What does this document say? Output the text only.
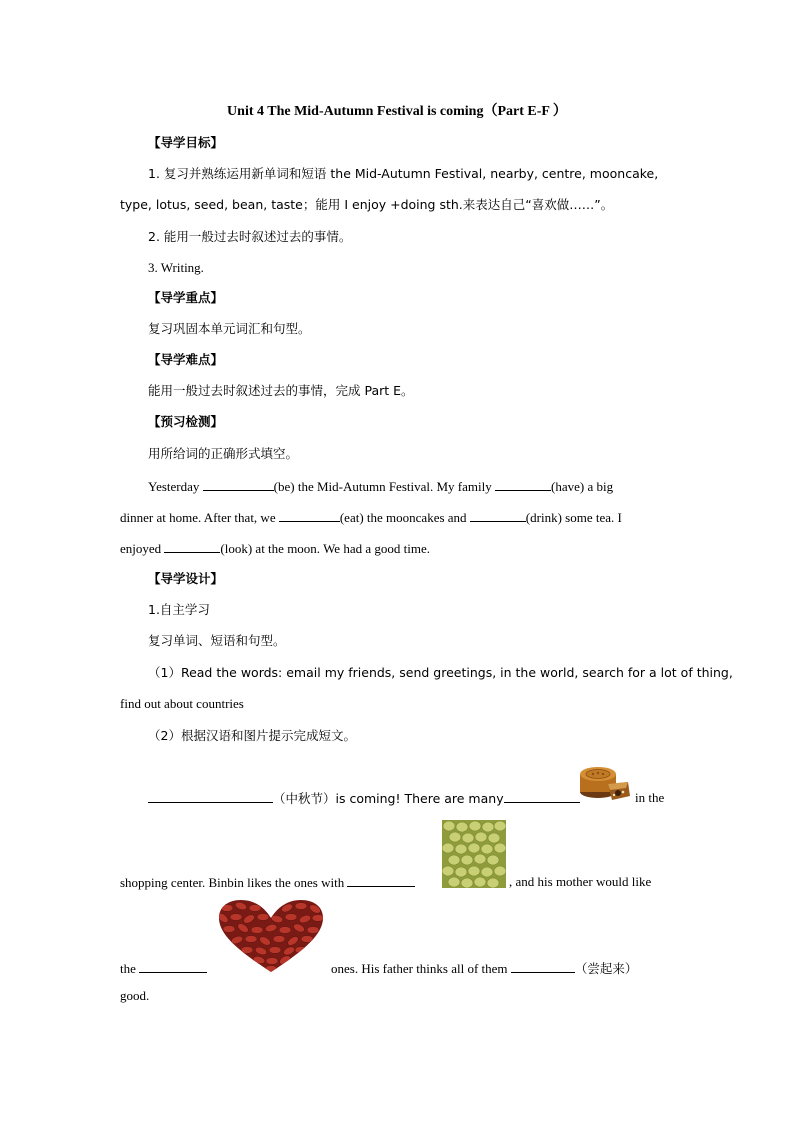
Unit 4 The Mid-Autumn Festival is coming（Part E-F ）
【导学目标】
1. 复习并熟练运用新单词和短语 the Mid-Autumn Festival, nearby, centre, mooncake,
type, lotus, seed, bean, taste；能用 I enjoy +doing sth.来表达自己“喜欢做……”。
2. 能用一般过去时叙述过去的事情。
3. Writing.
【导学重点】
复习巩固本单元词汇和句型。
【导学难点】
能用一般过去时叙述过去的事情，完成 Part E。
【预习检测】
用所给词的正确形式填空。
Yesterday	(be) the Mid-Autumn Festival. My family	(have) a big
dinner at home. After that, we	(eat) the mooncakes and	(drink) some tea. I
enjoyed	(look) at the moon. We had a good time.
【导学设计】
1.自主学习
复习单词、短语和句型。
（1）Read the words: email my friends, send greetings, in the world, search for a lot of thing,
find out about countries
（2）根据汉语和图片提示完成短文。
（中秋节）is coming! There are many	in the
shopping center. Binbin likes the ones with	, and his mother would like
the	ones. His father thinks all of them	（尝起来）
good.
